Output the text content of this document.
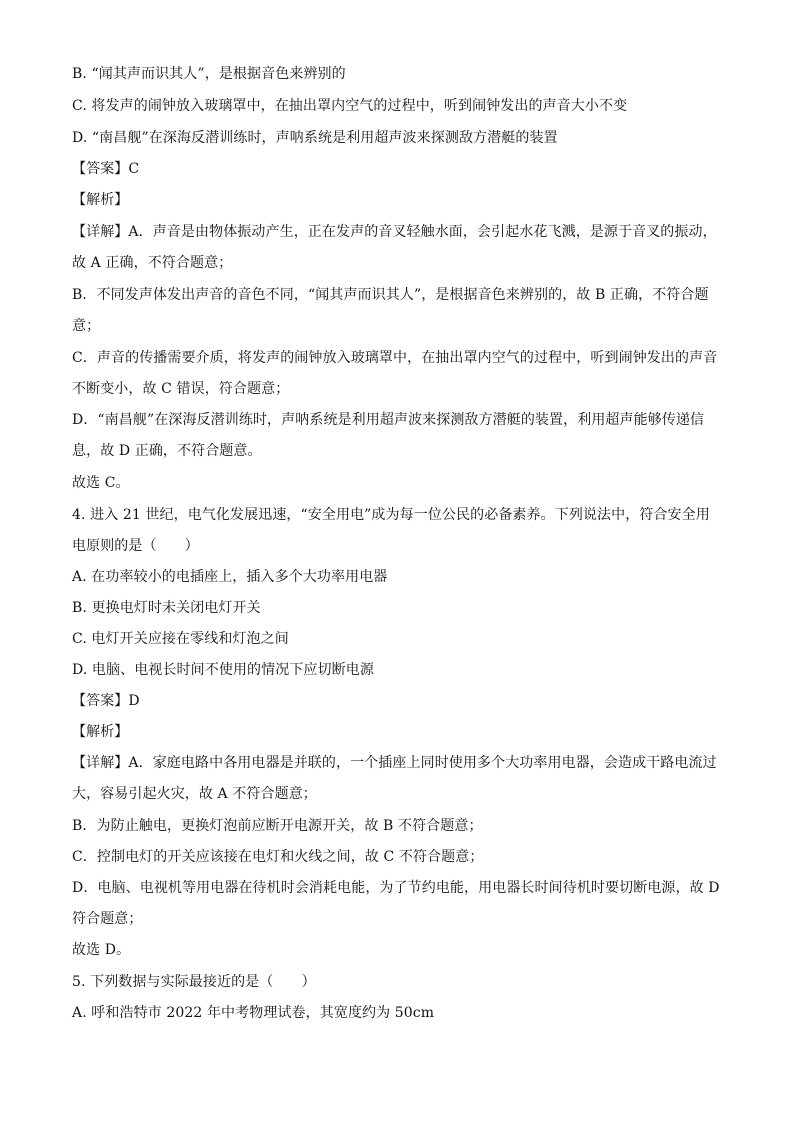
B. “闻其声而识其人”，是根据音色来辨别的
C. 将发声的闹钟放入玻璃罩中，在抽出罩内空气的过程中，听到闹钟发出的声音大小不变
D. “南昌舰”在深海反潜训练时，声呐系统是利用超声波来探测敌方潜艇的装置
【答案】C
【解析】
【详解】A．声音是由物体振动产生，正在发声的音叉轻触水面，会引起水花飞溅，是源于音叉的振动，
故 A 正确，不符合题意；
B．不同发声体发出声音的音色不同，“闻其声而识其人”，是根据音色来辨别的，故 B 正确，不符合题
意；
C．声音的传播需要介质，将发声的闹钟放入玻璃罩中，在抽出罩内空气的过程中，听到闹钟发出的声音
不断变小，故 C 错误，符合题意；
D．“南昌舰”在深海反潜训练时，声呐系统是利用超声波来探测敌方潜艇的装置，利用超声能够传递信
息，故 D 正确，不符合题意。
故选 C。
4. 进入 21 世纪，电气化发展迅速，“安全用电”成为每一位公民的必备素养。下列说法中，符合安全用
电原则的是（　　）
A. 在功率较小的电插座上，插入多个大功率用电器
B. 更换电灯时未关闭电灯开关
C. 电灯开关应接在零线和灯泡之间
D. 电脑、电视长时间不使用的情况下应切断电源
【答案】D
【解析】
【详解】A．家庭电路中各用电器是并联的，一个插座上同时使用多个大功率用电器，会造成干路电流过
大，容易引起火灾，故 A 不符合题意；
B．为防止触电，更换灯泡前应断开电源开关，故 B 不符合题意；
C．控制电灯的开关应该接在电灯和火线之间，故 C 不符合题意；
D．电脑、电视机等用电器在待机时会消耗电能，为了节约电能，用电器长时间待机时要切断电源，故 D
符合题意；
故选 D。
5. 下列数据与实际最接近的是（　　）
A. 呼和浩特市 2022 年中考物理试卷，其宽度约为 50cm
